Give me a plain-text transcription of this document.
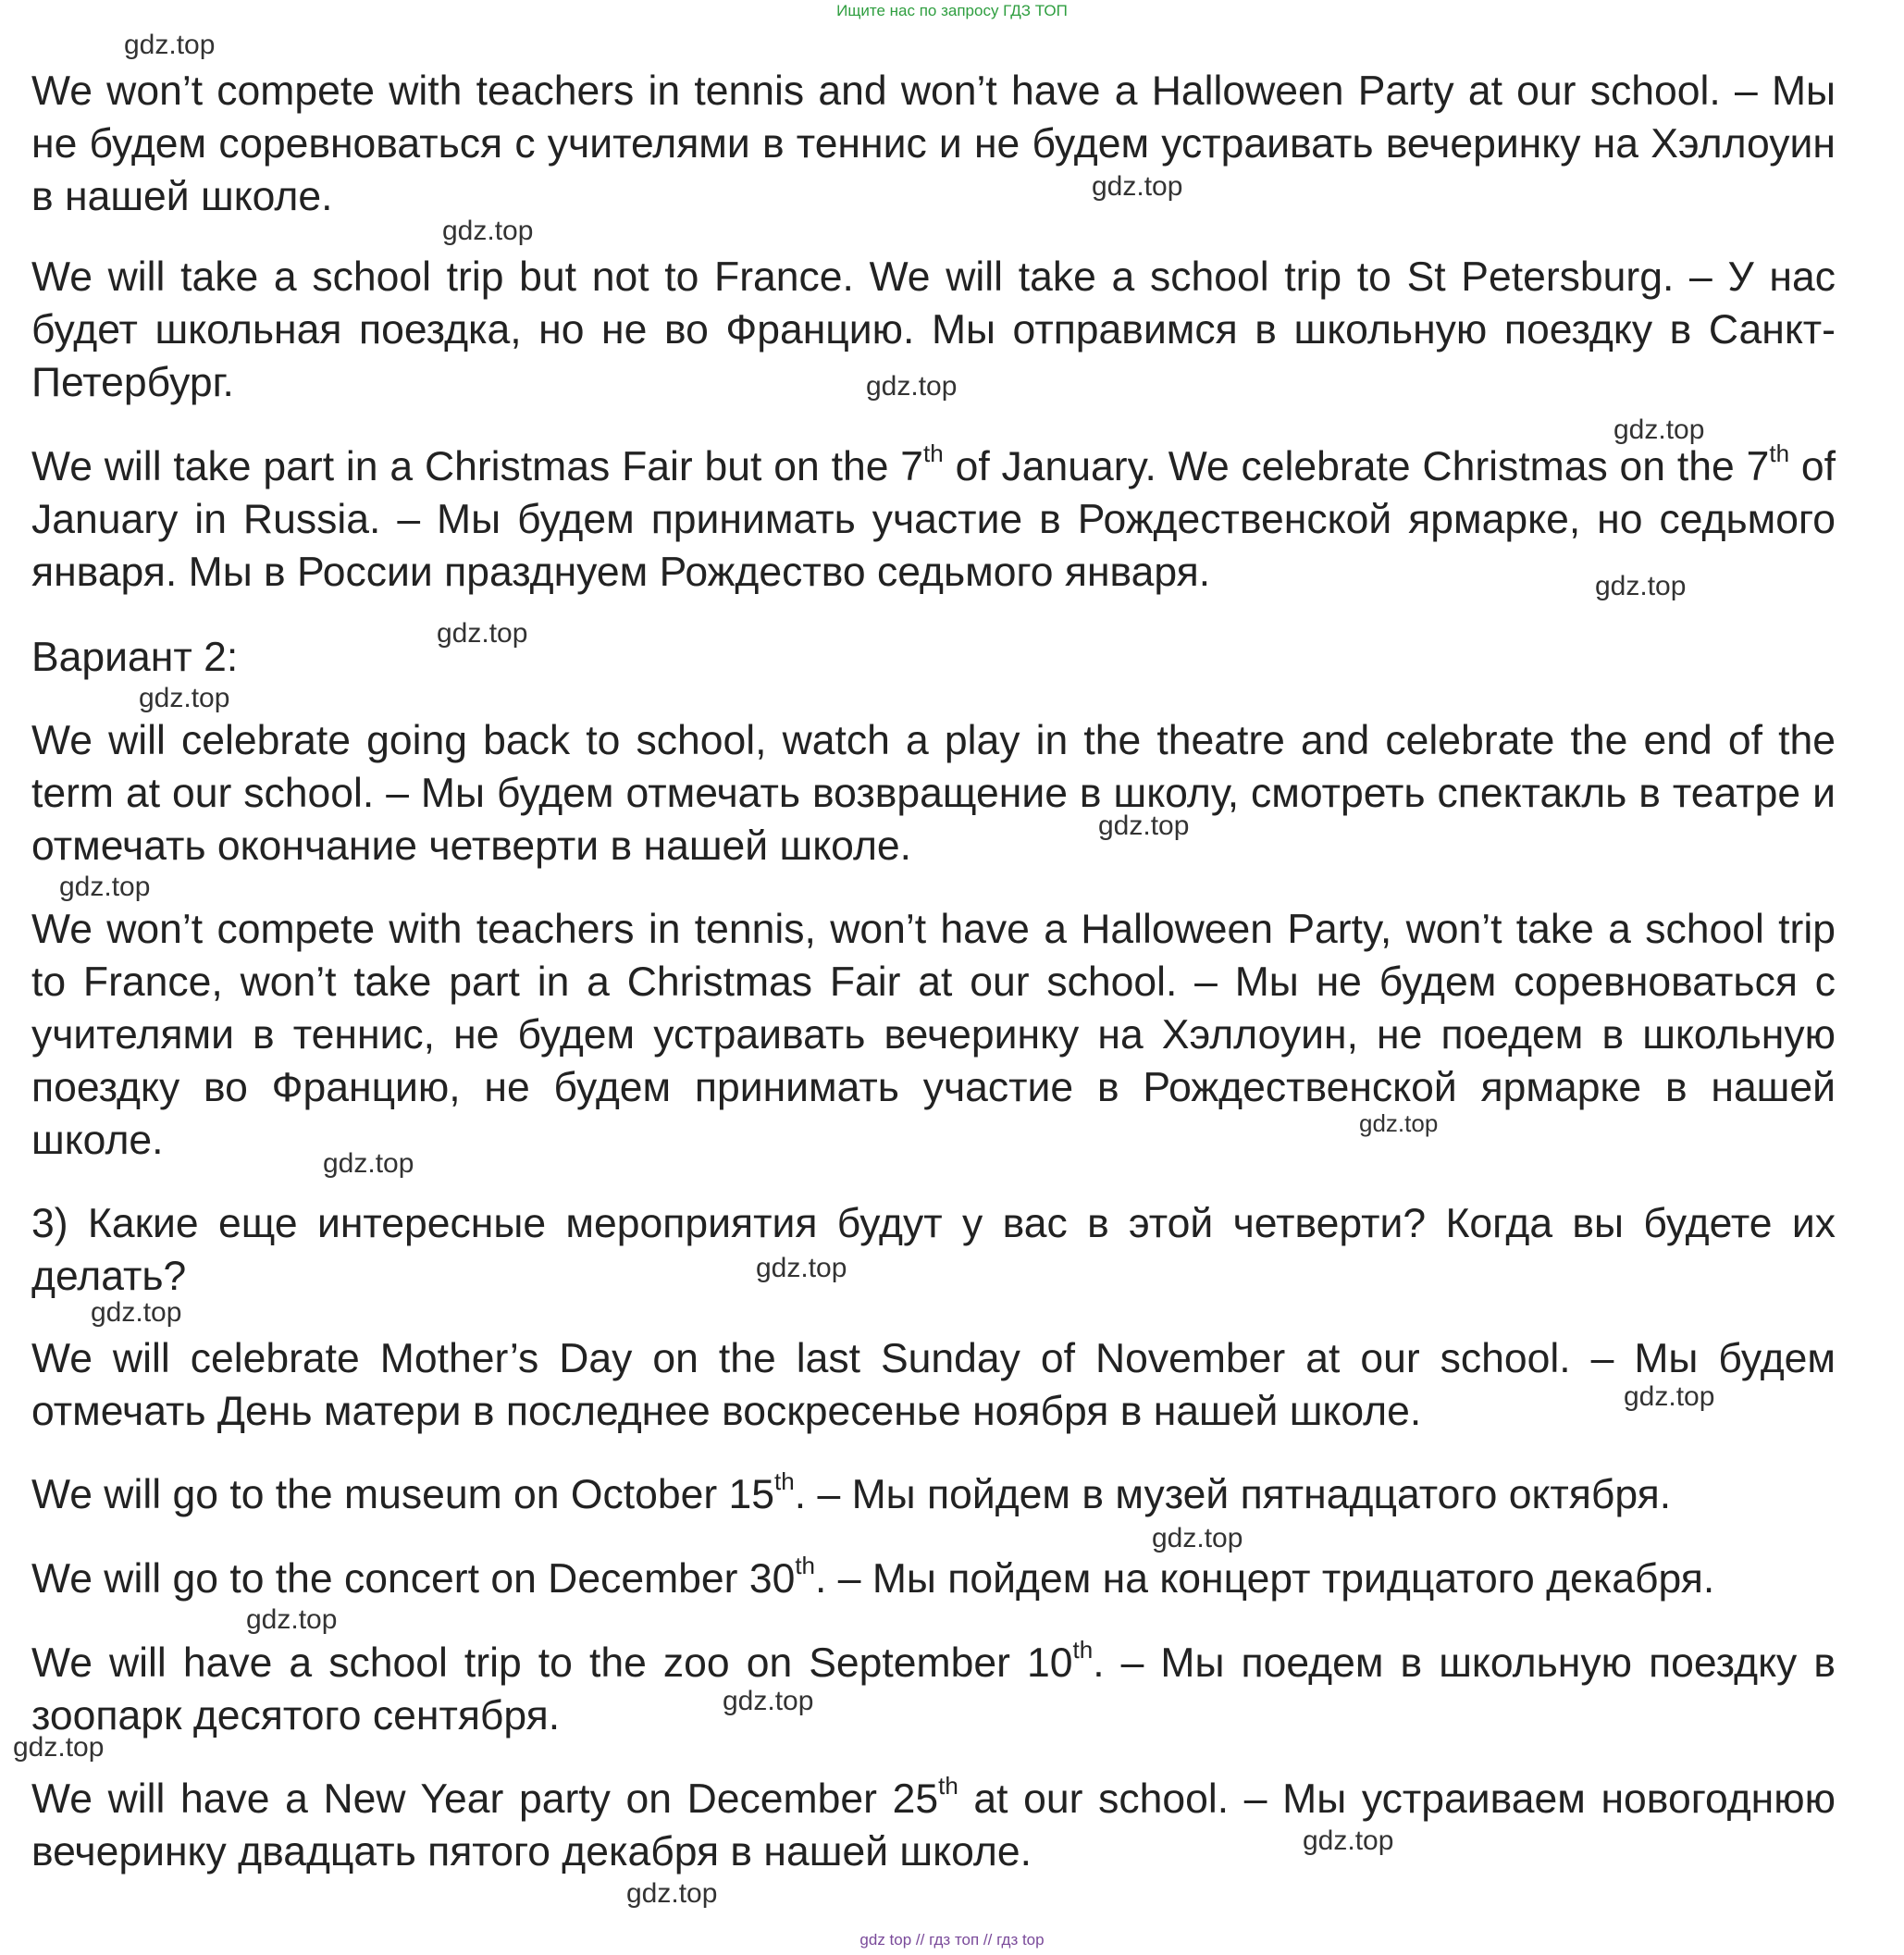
Ищите нас по запросу ГДЗ ТОП

We won’t compete with teachers in tennis and won’t have a Halloween Party at our school. – Мы не будем соревноваться с учителями в теннис и не будем устраивать вечеринку на Хэллоуин в нашей школе.

We will take a school trip but not to France. We will take a school trip to St Petersburg. – У нас будет школьная поездка, но не во Францию. Мы отправимся в школьную поездку в Санкт-Петербург.

We will take part in a Christmas Fair but on the 7th of January. We celebrate Christmas on the 7th of January in Russia. – Мы будем принимать участие в Рождественской ярмарке, но седьмого января. Мы в России празднуем Рождество седьмого января.

Вариант 2:

We will celebrate going back to school, watch a play in the theatre and celebrate the end of the term at our school. – Мы будем отмечать возвращение в школу, смотреть спектакль в театре и отмечать окончание четверти в нашей школе.

We won’t compete with teachers in tennis, won’t have a Halloween Party, won’t take a school trip to France, won’t take part in a Christmas Fair at our school. – Мы не будем соревноваться с учителями в теннис, не будем устраивать вечеринку на Хэллоуин, не поедем в школьную поездку во Францию, не будем принимать участие в Рождественской ярмарке в нашей школе.

3) Какие еще интересные мероприятия будут у вас в этой четверти? Когда вы будете их делать?

We will celebrate Mother’s Day on the last Sunday of November at our school. – Мы будем отмечать День матери в последнее воскресенье ноября в нашей школе.

We will go to the museum on October 15th. – Мы пойдем в музей пятнадцатого октября.

We will go to the concert on December 30th. – Мы пойдем на концерт тридцатого декабря.

We will have a school trip to the zoo on September 10th. – Мы поедем в школьную поездку в зоопарк десятого сентября.

We will have a New Year party on December 25th at our school. – Мы устраиваем новогоднюю вечеринку двадцать пятого декабря в нашей школе.

gdz.top
gdz.top
gdz.top
gdz.top
gdz.top
gdz.top
gdz.top
gdz.top
gdz.top
gdz.top
gdz.top
gdz.top
gdz.top
gdz.top
gdz.top
gdz.top
gdz.top
gdz.top
gdz.top
gdz.top
gdz.top
gdz top // гдз топ // гдз top
